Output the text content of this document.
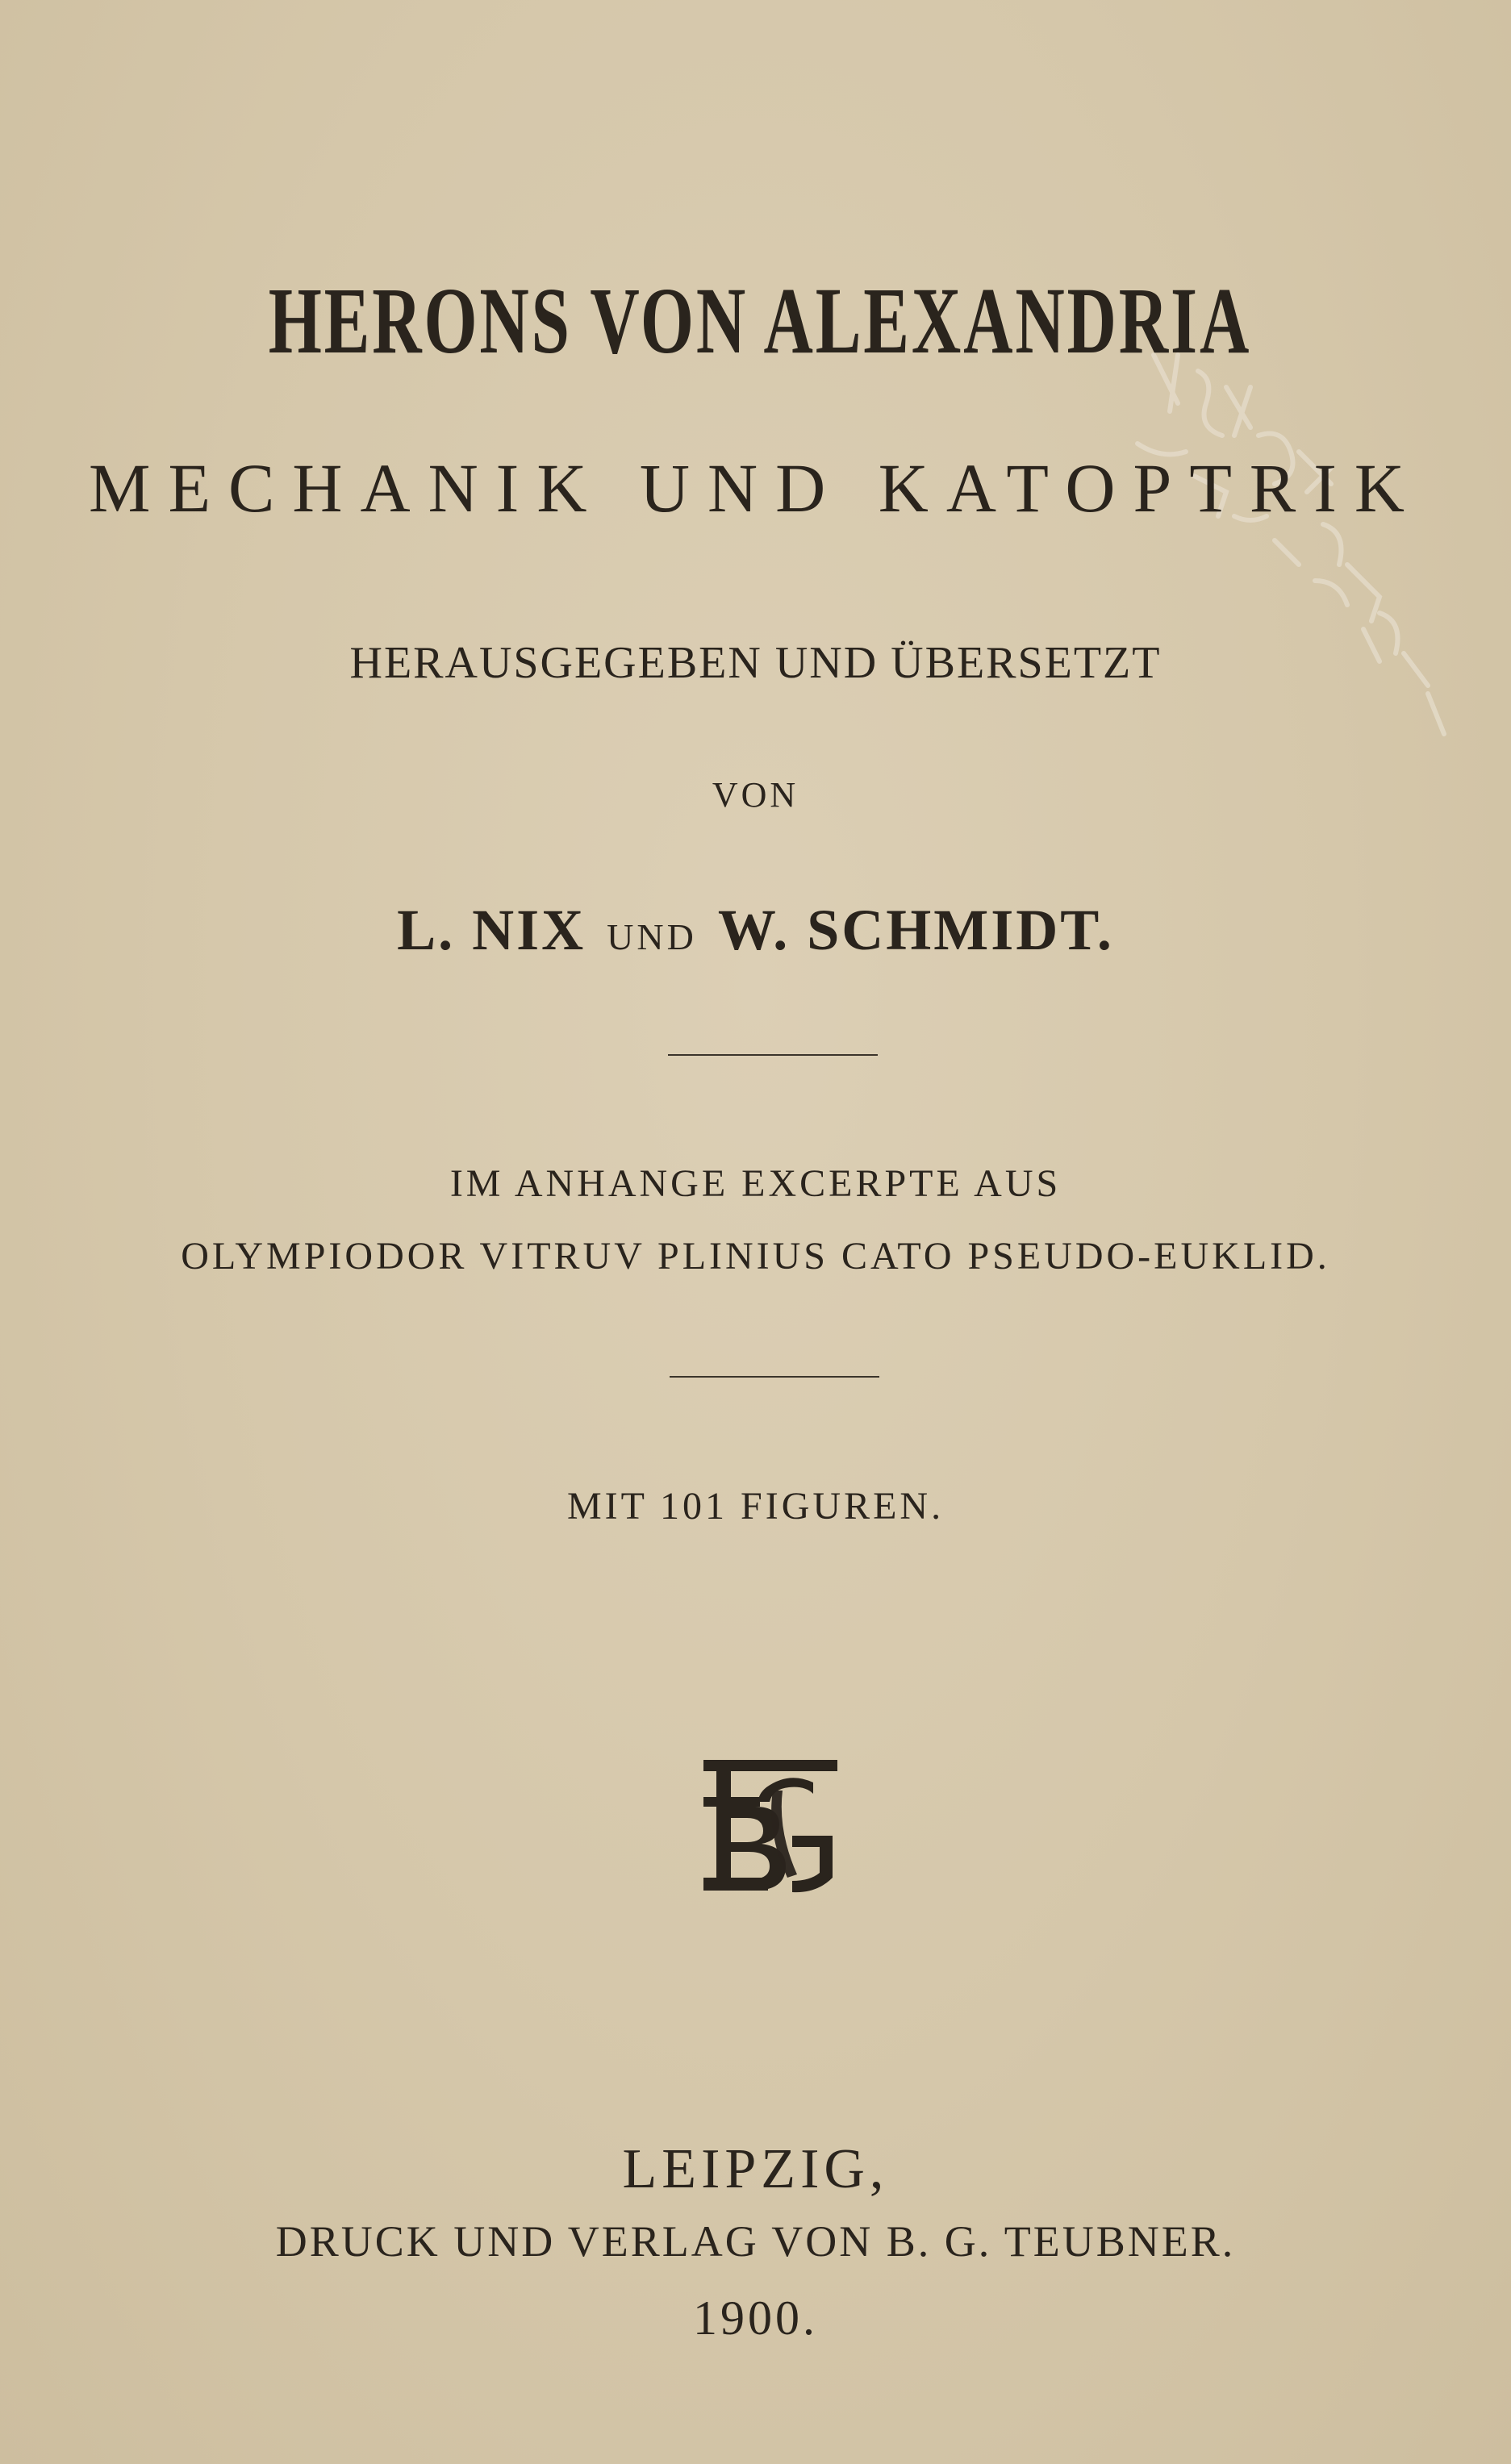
HERONS VON ALEXANDRIA
MECHANIK UND KATOPTRIK
HERAUSGEGEBEN UND ÜBERSETZT
VON
L. NIX UND W. SCHMIDT.
IM ANHANGE EXCERPTE AUS
OLYMPIODOR VITRUV PLINIUS CATO PSEUDO-EUKLID.
MIT 101 FIGUREN.
LEIPZIG,
DRUCK UND VERLAG VON B. G. TEUBNER.
1900.
